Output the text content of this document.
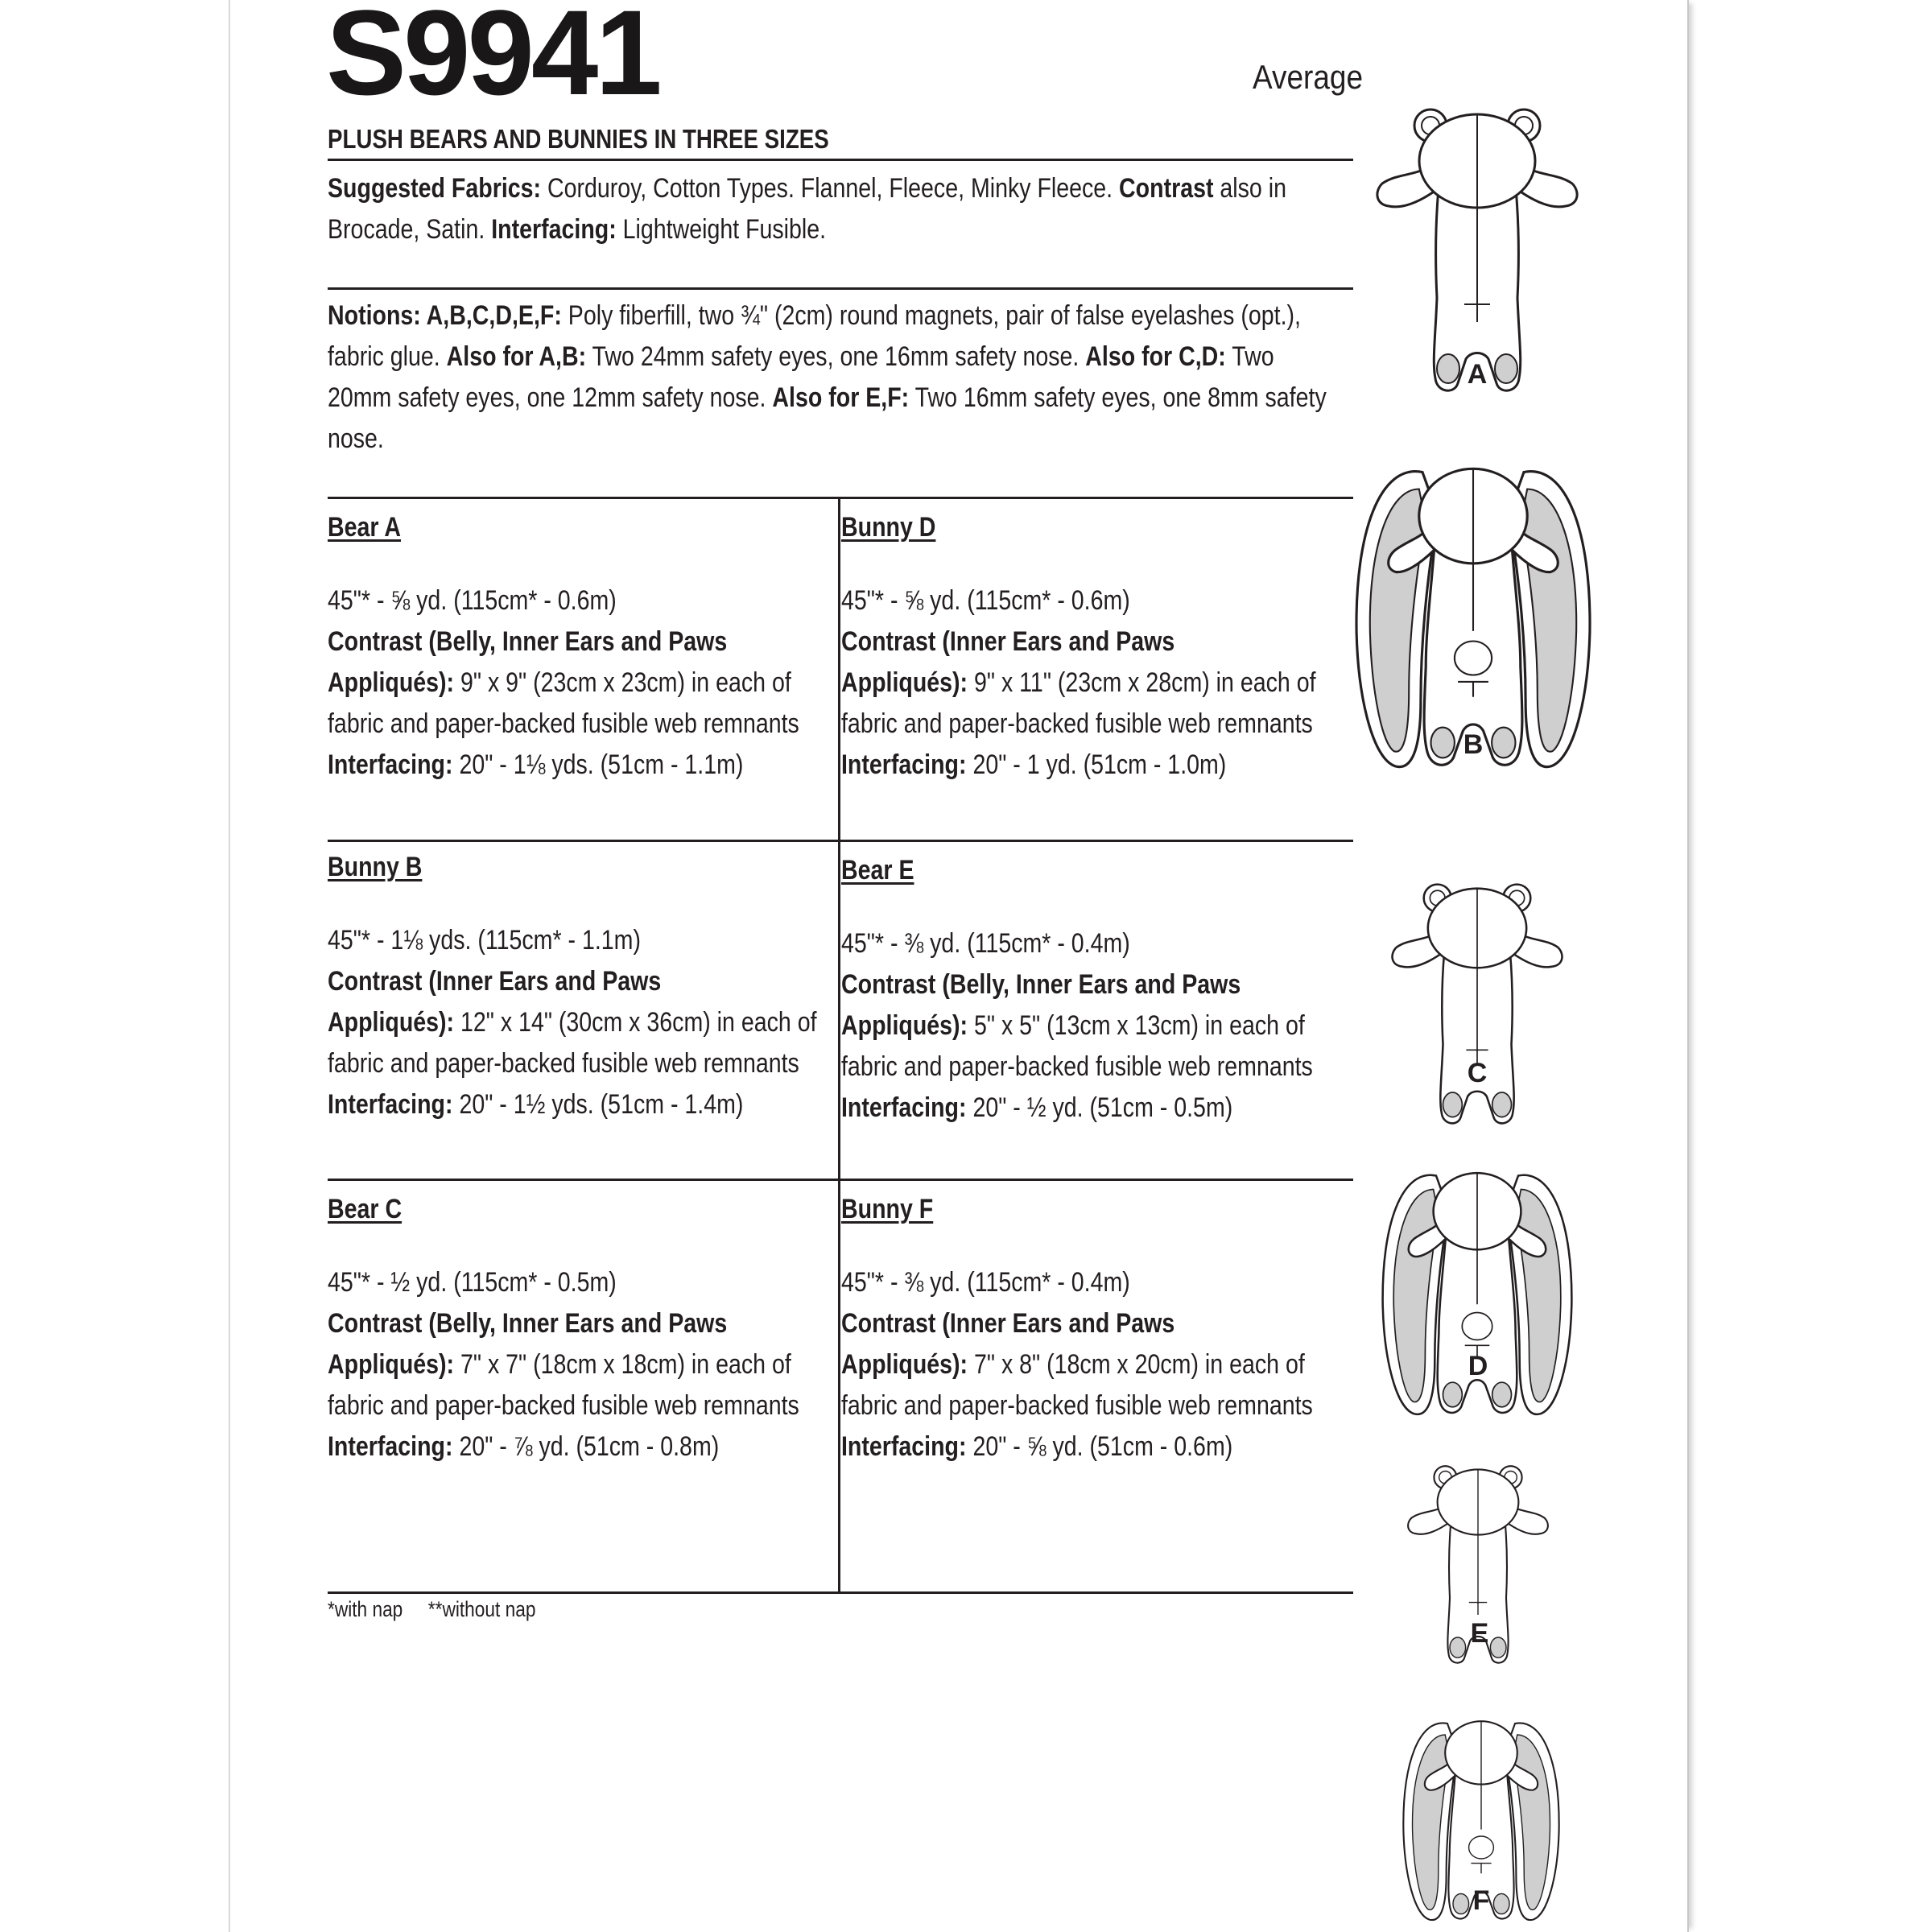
S9941	Average
PLUSH BEARS AND BUNNIES IN THREE SIZES
Suggested Fabrics: Corduroy, Cotton Types. Flannel, Fleece, Minky Fleece. Contrast also in
Brocade, Satin. Interfacing: Lightweight Fusible.
Notions: A,B,C,D,E,F: Poly fiberfill, two ¾" (2cm) round magnets, pair of false eyelashes (opt.),
fabric glue. Also for A,B: Two 24mm safety eyes, one 16mm safety nose. Also for C,D: Two
20mm safety eyes, one 12mm safety nose. Also for E,F: Two 16mm safety eyes, one 8mm safety
nose.
Bear A
45"* - ⅝ yd. (115cm* - 0.6m)
Contrast (Belly, Inner Ears and Paws
Appliqués): 9" x 9" (23cm x 23cm) in each of
fabric and paper-backed fusible web remnants
Interfacing: 20" - 1⅛ yds. (51cm - 1.1m)
Bunny D
45"* - ⅝ yd. (115cm* - 0.6m)
Contrast (Inner Ears and Paws
Appliqués): 9" x 11" (23cm x 28cm) in each of
fabric and paper-backed fusible web remnants
Interfacing: 20" - 1 yd. (51cm - 1.0m)
Bunny B
45"* - 1⅛ yds. (115cm* - 1.1m)
Contrast (Inner Ears and Paws
Appliqués): 12" x 14" (30cm x 36cm) in each of
fabric and paper-backed fusible web remnants
Interfacing: 20" - 1½ yds. (51cm - 1.4m)
Bear E
45"* - ⅜ yd. (115cm* - 0.4m)
Contrast (Belly, Inner Ears and Paws
Appliqués): 5" x 5" (13cm x 13cm) in each of
fabric and paper-backed fusible web remnants
Interfacing: 20" - ½ yd. (51cm - 0.5m)
Bear C
45"* - ½ yd. (115cm* - 0.5m)
Contrast (Belly, Inner Ears and Paws
Appliqués): 7" x 7" (18cm x 18cm) in each of
fabric and paper-backed fusible web remnants
Interfacing: 20" - ⅞ yd. (51cm - 0.8m)
Bunny F
45"* - ⅜ yd. (115cm* - 0.4m)
Contrast (Inner Ears and Paws
Appliqués): 7" x 8" (18cm x 20cm) in each of
fabric and paper-backed fusible web remnants
Interfacing: 20" - ⅝ yd. (51cm - 0.6m)
*with nap     **without nap
A
B
C
D
E
F
